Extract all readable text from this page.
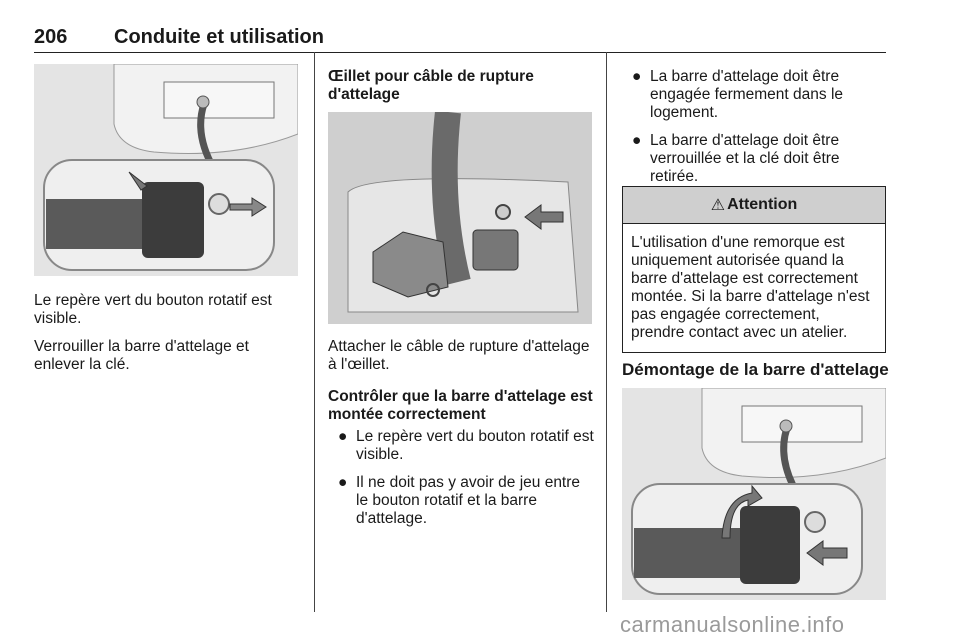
206 Conduite et utilisation

Le repère vert du bouton rotatif est visible.

Verrouiller la barre d'attelage et enlever la clé.

Œillet pour câble de rupture d'attelage

Attacher le câble de rupture d'attelage à l'œillet.

Contrôler que la barre d'attelage est montée correctement
● Le repère vert du bouton rotatif est visible.
● Il ne doit pas y avoir de jeu entre le bouton rotatif et la barre d'attelage.
● La barre d'attelage doit être engagée fermement dans le logement.
● La barre d'attelage doit être verrouillée et la clé doit être retirée.
⚠ Attention
L'utilisation d'une remorque est uniquement autorisée quand la barre d'attelage est correctement montée. Si la barre d'attelage n'est pas engagée correctement, prendre contact avec un atelier.
Démontage de la barre d'attelage
carmanualsonline.info
